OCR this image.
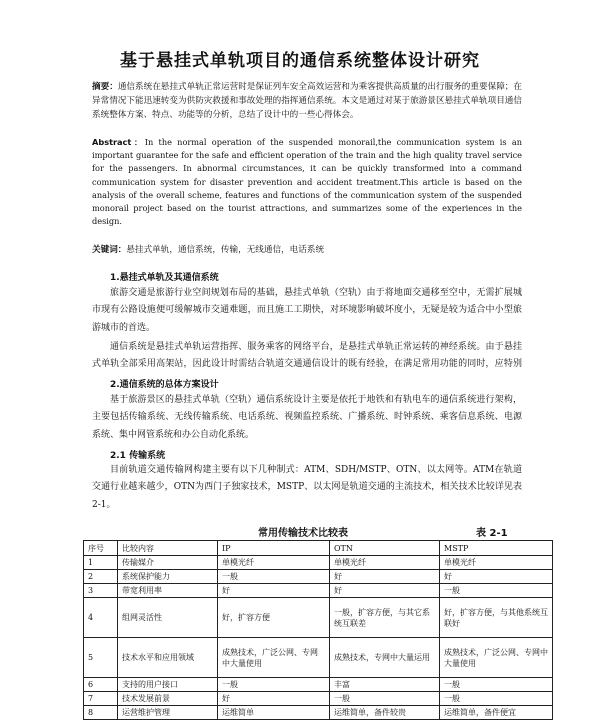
基于悬挂式单轨项目的通信系统整体设计研究
摘要：通信系统在悬挂式单轨正常运营时是保证列车安全高效运营和为乘客提供高质量的出行服务的重要保障；在异常情况下能迅速转变为供防灾救援和事故处理的指挥通信系统。本文是通过对某于旅游景区悬挂式单轨项目通信系统整体方案、特点、功能等的分析，总结了设计中的一些心得体会。
Abstract：In the normal operation of the suspended monorail,the communication system is an important guarantee for the safe and efficient operation of the train and the high quality travel service for the passengers. In abnormal circumstances, it can be quickly transformed into a command communication system for disaster prevention and accident treatment.This article is based on the analysis of the overall scheme, features and functions of the communication system of the suspended monorail project based on the tourist attractions, and summarizes some of the experiences in the design.
关键词：悬挂式单轨，通信系统，传输，无线通信，电话系统
1.悬挂式单轨及其通信系统
旅游交通是旅游行业空间规划布局的基础，悬挂式单轨（空轨）由于将地面交通移至空中，无需扩展城市现有公路设施便可缓解城市交通难题，而且施工工期快，对环境影响破坏度小，无疑是较为适合中小型旅游城市的首选。
通信系统是悬挂式单轨运营指挥、服务乘客的网络平台，是悬挂式单轨正常运转的神经系统。由于悬挂式单轨全部采用高架站，因此设计时需结合轨道交通通信设计的既有经验，在满足常用功能的同时，应特别
2.通信系统的总体方案设计
基于旅游景区的悬挂式单轨（空轨）通信系统设计主要是依托于地铁和有轨电车的通信系统进行架构，主要包括传输系统、无线传输系统、电话系统、视频监控系统、广播系统、时钟系统、乘客信息系统、电源系统、集中网管系统和办公自动化系统。
2.1 传输系统
目前轨道交通传输网构建主要有以下几种制式：ATM、SDH/MSTP、OTN、以太网等。ATM在轨道交通行业越来越少，OTN为西门子独家技术，MSTP、以太网是轨道交通的主流技术，相关技术比较详见表2-1。
常用传输技术比较表	表 2-1
序号	比较内容	IP	OTN	MSTP
1	传输媒介	单模光纤	单模光纤	单模光纤
2	系统保护能力	一般	好	好
3	带宽利用率	好	好	一般
4	组网灵活性	好，扩容方便	一般，扩容方便，与其它系统互联差	好，扩容方便，与其他系统互联好
5	技术水平和应用领域	成熟技术，广泛公网、专网中大量使用	成熟技术，专网中大量运用	成熟技术，广泛公网、专网中大量使用
6	支持的用户接口	一般	丰富	一般
7	技术发展前景	好	一般	一般
8	运营维护管理	运维简单	运维简单，备件较贵	运维简单，备件便宜
